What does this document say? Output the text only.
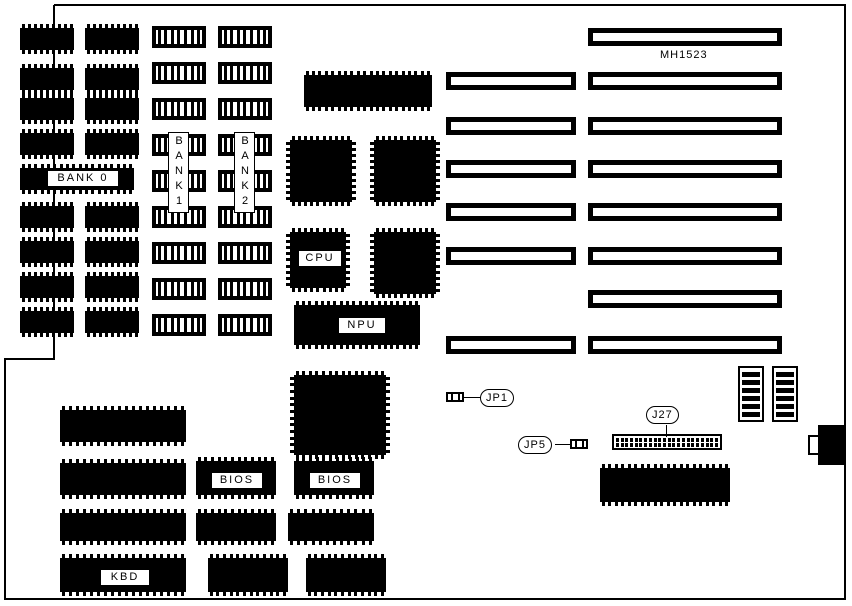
BANK 0	BANK1	BANK2
CPU
NPU
MH1523
JP1
JP5
J27
BIOS	BIOS
KBD
